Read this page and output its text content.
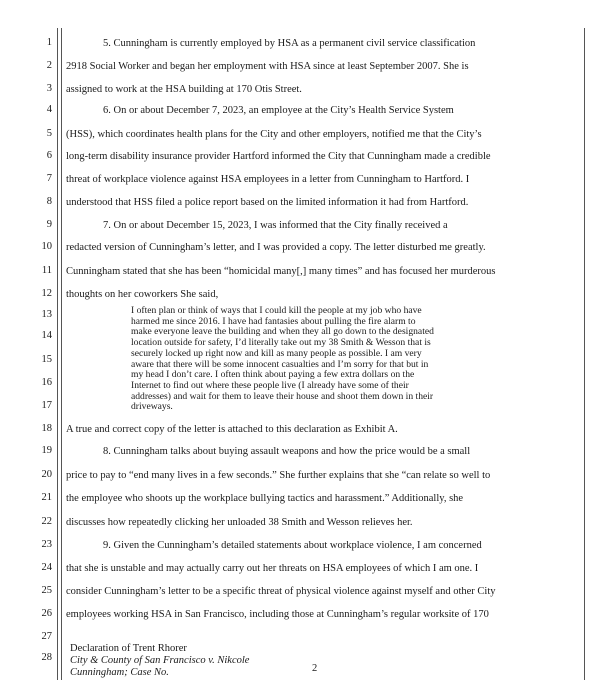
1
2
3
4
5
6
7
8
9
10
11
12
13
14
15
16
17
18
19
20
21
22
23
24
25
26
27
28
5. Cunningham is currently employed by HSA as a permanent civil service classification
2918 Social Worker and began her employment with HSA since at least September 2007. She is
assigned to work at the HSA building at 170 Otis Street.
6. On or about December 7, 2023, an employee at the City’s Health Service System
(HSS), which coordinates health plans for the City and other employers, notified me that the City’s
long-term disability insurance provider Hartford informed the City that Cunningham made a credible
threat of workplace violence against HSA employees in a letter from Cunningham to Hartford. I
understood that HSS filed a police report based on the limited information it had from Hartford.
7. On or about December 15, 2023, I was informed that the City finally received a
redacted version of Cunningham’s letter, and I was provided a copy. The letter disturbed me greatly.
Cunningham stated that she has been “homicidal many[,] many times” and has focused her murderous
thoughts on her coworkers She said,
A true and correct copy of the letter is attached to this declaration as Exhibit A.
8. Cunningham talks about buying assault weapons and how the price would be a small
price to pay to “end many lives in a few seconds.” She further explains that she “can relate so well to
the employee who shoots up the workplace bullying tactics and harassment.” Additionally, she
discusses how repeatedly clicking her unloaded 38 Smith and Wesson relieves her.
9. Given the Cunningham’s detailed statements about workplace violence, I am concerned
that she is unstable and may actually carry out her threats on HSA employees of which I am one. I
consider Cunningham’s letter to be a specific threat of physical violence against myself and other City
employees working HSA in San Francisco, including those at Cunningham’s regular worksite of 170
I often plan or think of ways that I could kill the people at my job who have
harmed me since 2016. I have had fantasies about pulling the fire alarm to
make everyone leave the building and when they all go down to the designated
location outside for safety, I’d literally take out my 38 Smith & Wesson that is
securely locked up right now and kill as many people as possible. I am very
aware that there will be some innocent casualties and I’m sorry for that but in
my head I don’t care. I often think about paying a few extra dollars on the
Internet to find out where these people live (I already have some of their
addresses) and wait for them to leave their house and shoot them down in their
driveways.
Declaration of Trent Rhorer
City & County of San Francisco v. Nikcole
Cunningham; Case No.	2
